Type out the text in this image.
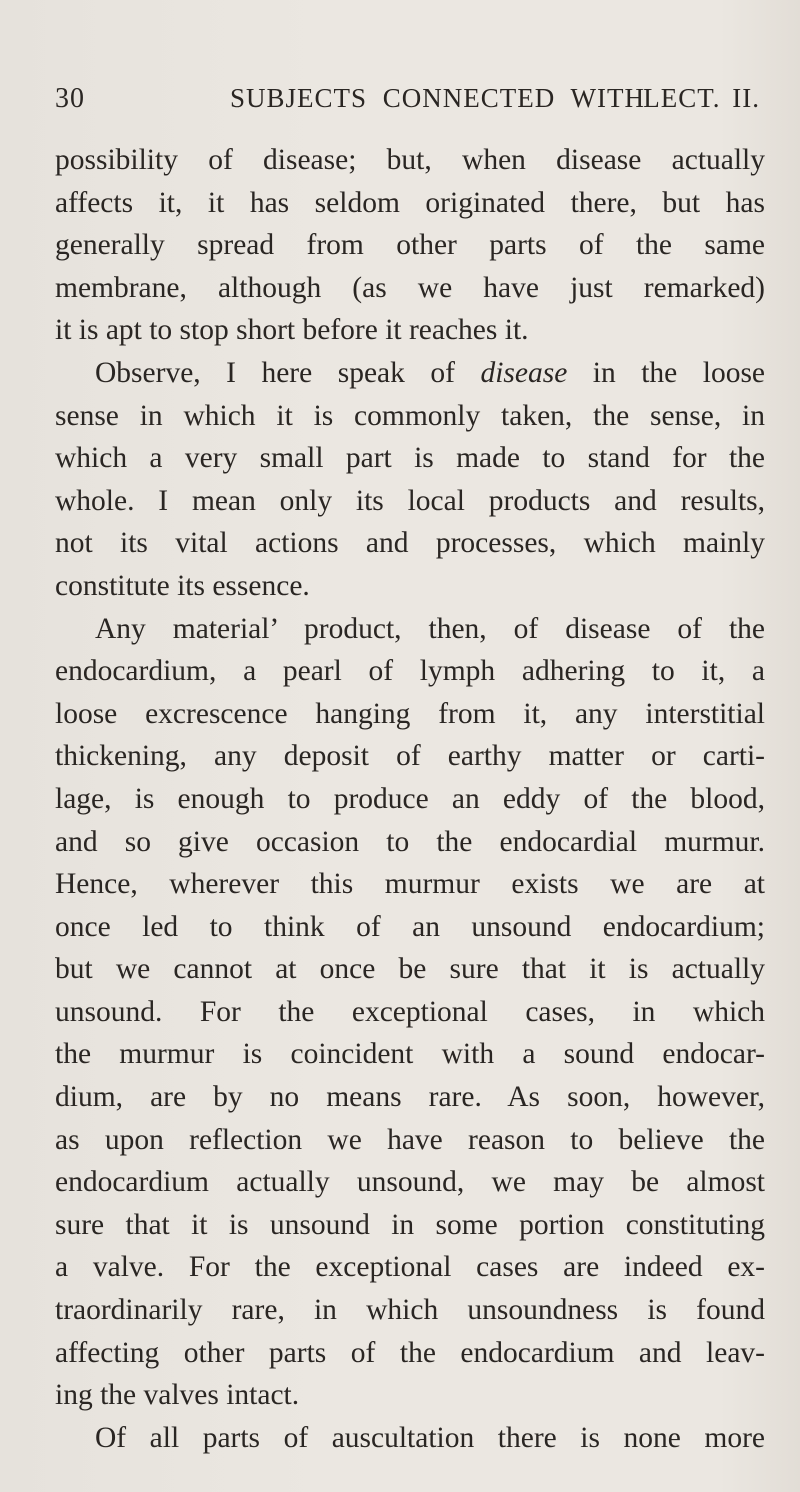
30	SUBJECTS CONNECTED WITH
LECT. II.
possibility of disease; but, when disease actually
affects it, it has seldom originated there, but has
generally spread from other parts of the same
membrane, although (as we have just remarked)
it is apt to stop short before it reaches it.
Observe, I here speak of disease in the loose
sense in which it is commonly taken, the sense, in
which a very small part is made to stand for the
whole. I mean only its local products and results,
not its vital actions and processes, which mainly
constitute its essence.
Any material’ product, then, of disease of the
endocardium, a pearl of lymph adhering to it, a
loose excrescence hanging from it, any interstitial
thickening, any deposit of earthy matter or carti-
lage, is enough to produce an eddy of the blood,
and so give occasion to the endocardial murmur.
Hence, wherever this murmur exists we are at
once led to think of an unsound endocardium;
but we cannot at once be sure that it is actually
unsound. For the exceptional cases, in which
the murmur is coincident with a sound endocar-
dium, are by no means rare. As soon, however,
as upon reflection we have reason to believe the
endocardium actually unsound, we may be almost
sure that it is unsound in some portion constituting
a valve. For the exceptional cases are indeed ex-
traordinarily rare, in which unsoundness is found
affecting other parts of the endocardium and leav-
ing the valves intact.
Of all parts of auscultation there is none more
